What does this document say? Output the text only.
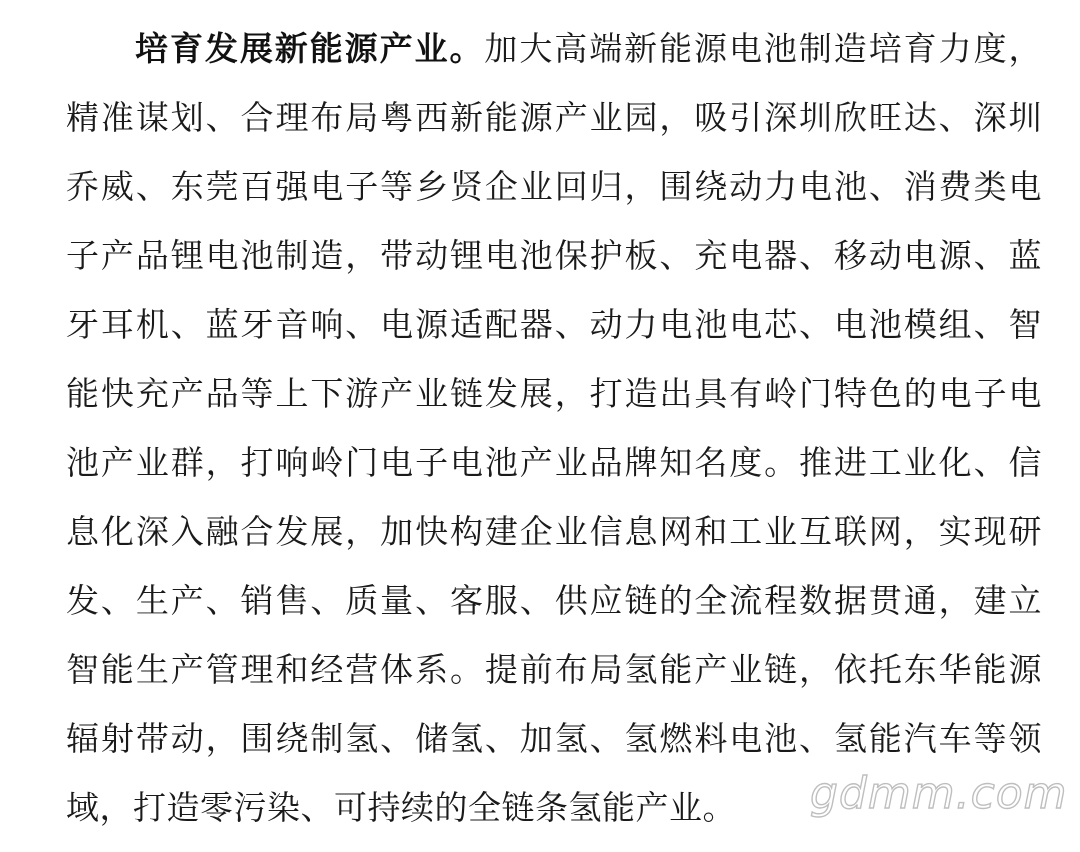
培育发展新能源产业。加大高端新能源电池制造培育力度，
精准谋划、合理布局粤西新能源产业园，吸引深圳欣旺达、深圳
乔威、东莞百强电子等乡贤企业回归，围绕动力电池、消费类电
子产品锂电池制造，带动锂电池保护板、充电器、移动电源、蓝
牙耳机、蓝牙音响、电源适配器、动力电池电芯、电池模组、智
能快充产品等上下游产业链发展，打造出具有岭门特色的电子电
池产业群，打响岭门电子电池产业品牌知名度。推进工业化、信
息化深入融合发展，加快构建企业信息网和工业互联网，实现研
发、生产、销售、质量、客服、供应链的全流程数据贯通，建立
智能生产管理和经营体系。提前布局氢能产业链，依托东华能源
辐射带动，围绕制氢、储氢、加氢、氢燃料电池、氢能汽车等领
域，打造零污染、可持续的全链条氢能产业。	gdmm.com
